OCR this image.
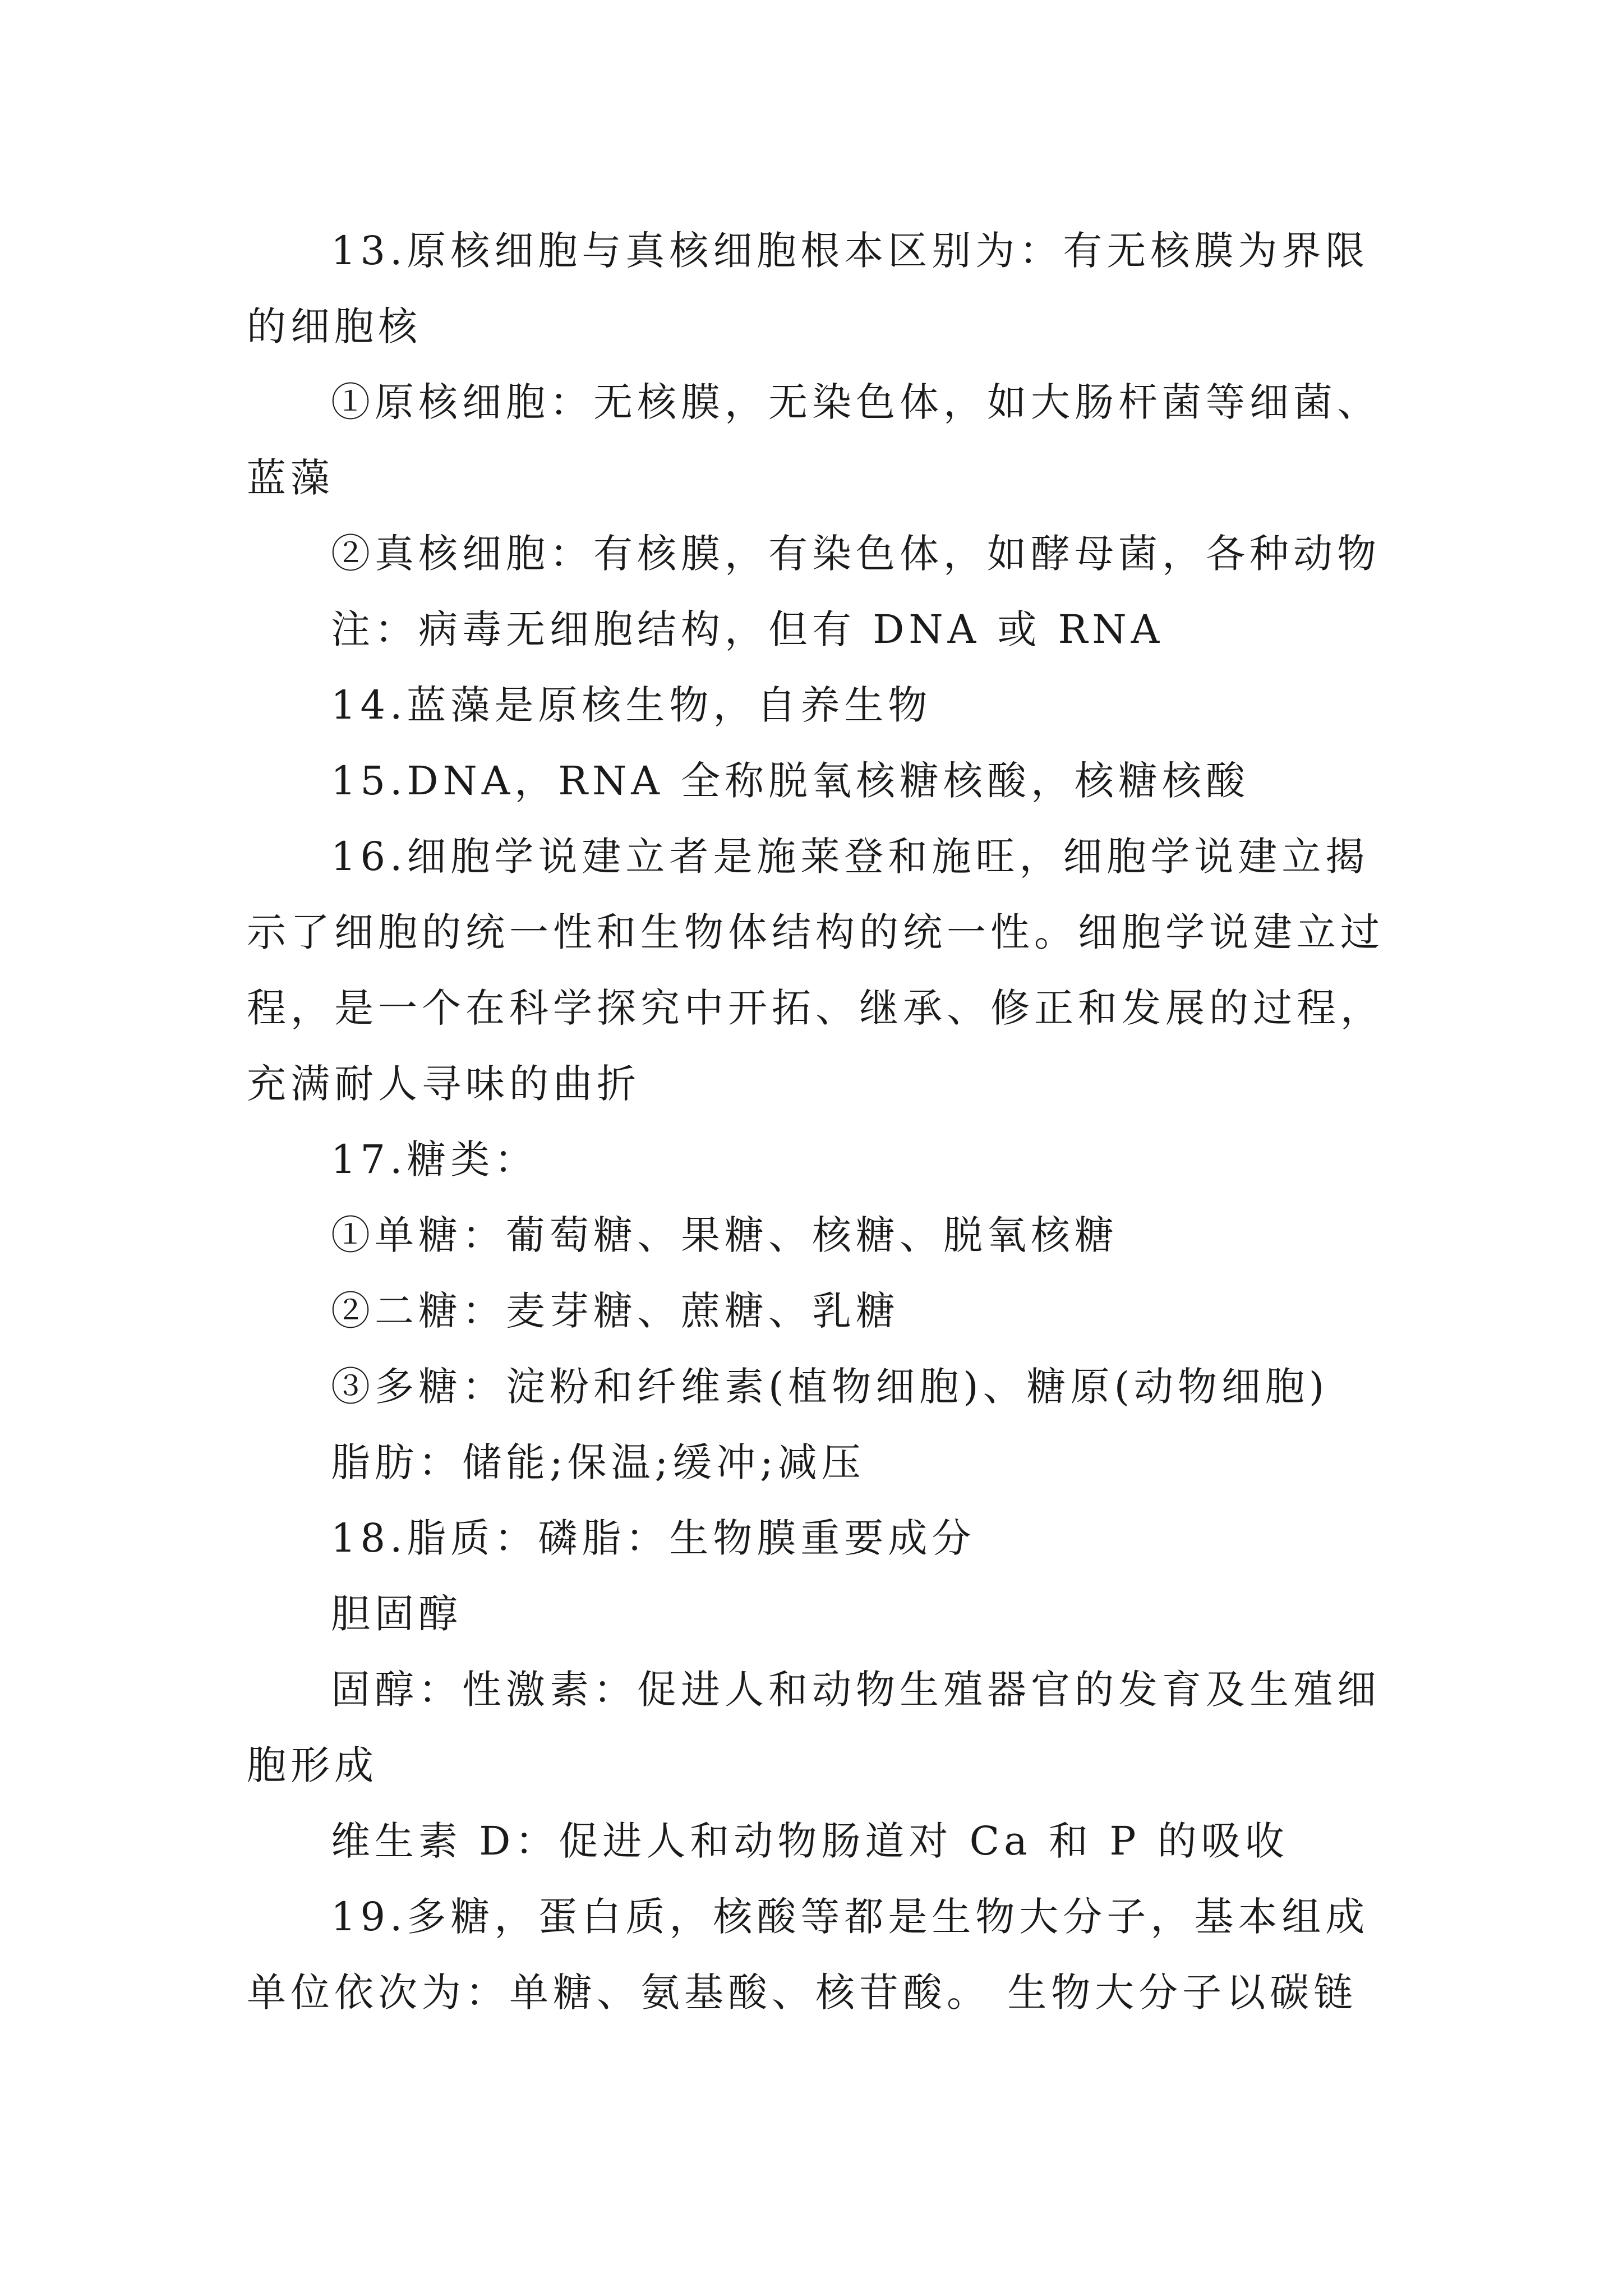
13.原核细胞与真核细胞根本区别为：有无核膜为界限的细胞核

①原核细胞：无核膜，无染色体，如大肠杆菌等细菌、蓝藻

②真核细胞：有核膜，有染色体，如酵母菌，各种动物

注：病毒无细胞结构，但有 DNA 或 RNA

14.蓝藻是原核生物，自养生物

15.DNA，RNA 全称脱氧核糖核酸，核糖核酸

16.细胞学说建立者是施莱登和施旺，细胞学说建立揭示了细胞的统一性和生物体结构的统一性。细胞学说建立过程，是一个在科学探究中开拓、继承、修正和发展的过程，充满耐人寻味的曲折

17.糖类：

①单糖：葡萄糖、果糖、核糖、脱氧核糖

②二糖：麦芽糖、蔗糖、乳糖

③多糖：淀粉和纤维素(植物细胞)、糖原(动物细胞)

脂肪：储能;保温;缓冲;减压

18.脂质：磷脂：生物膜重要成分

胆固醇

固醇：性激素：促进人和动物生殖器官的发育及生殖细胞形成

维生素 D：促进人和动物肠道对 Ca 和 P 的吸收

19.多糖，蛋白质，核酸等都是生物大分子，基本组成单位依次为：单糖、氨基酸、核苷酸。 生物大分子以碳链
